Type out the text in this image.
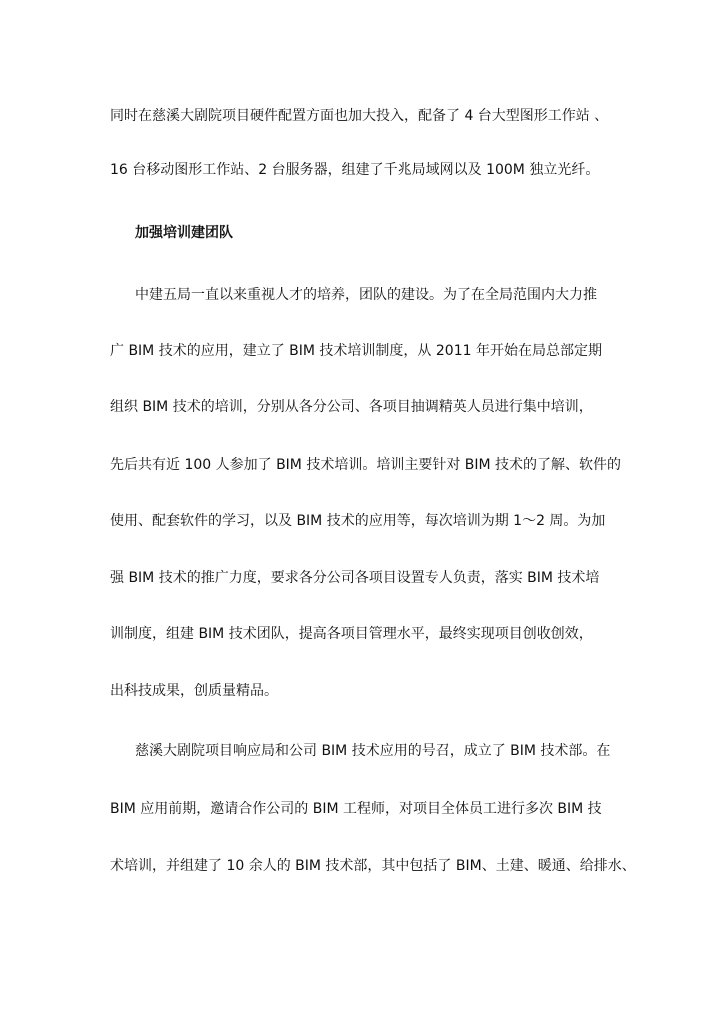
同时在慈溪大剧院项目硬件配置方面也加大投入，配备了 4 台大型图形工作站 、
16 台移动图形工作站、2 台服务器，组建了千兆局域网以及 100M 独立光纤。
加强培训建团队
中建五局一直以来重视人才的培养，团队的建设。为了在全局范围内大力推
广 BIM 技术的应用，建立了 BIM 技术培训制度，从 2011 年开始在局总部定期
组织 BIM 技术的培训，分别从各分公司、各项目抽调精英人员进行集中培训，
先后共有近 100 人参加了 BIM 技术培训。培训主要针对 BIM 技术的了解、软件的
使用、配套软件的学习，以及 BIM 技术的应用等，每次培训为期 1～2 周。为加
强 BIM 技术的推广力度，要求各分公司各项目设置专人负责，落实 BIM 技术培
训制度，组建 BIM 技术团队，提高各项目管理水平，最终实现项目创收创效，
出科技成果，创质量精品。
慈溪大剧院项目响应局和公司 BIM 技术应用的号召，成立了 BIM 技术部。在
BIM 应用前期，邀请合作公司的 BIM 工程师，对项目全体员工进行多次 BIM 技
术培训，并组建了 10 余人的 BIM 技术部，其中包括了 BIM、土建、暖通、给排水、
